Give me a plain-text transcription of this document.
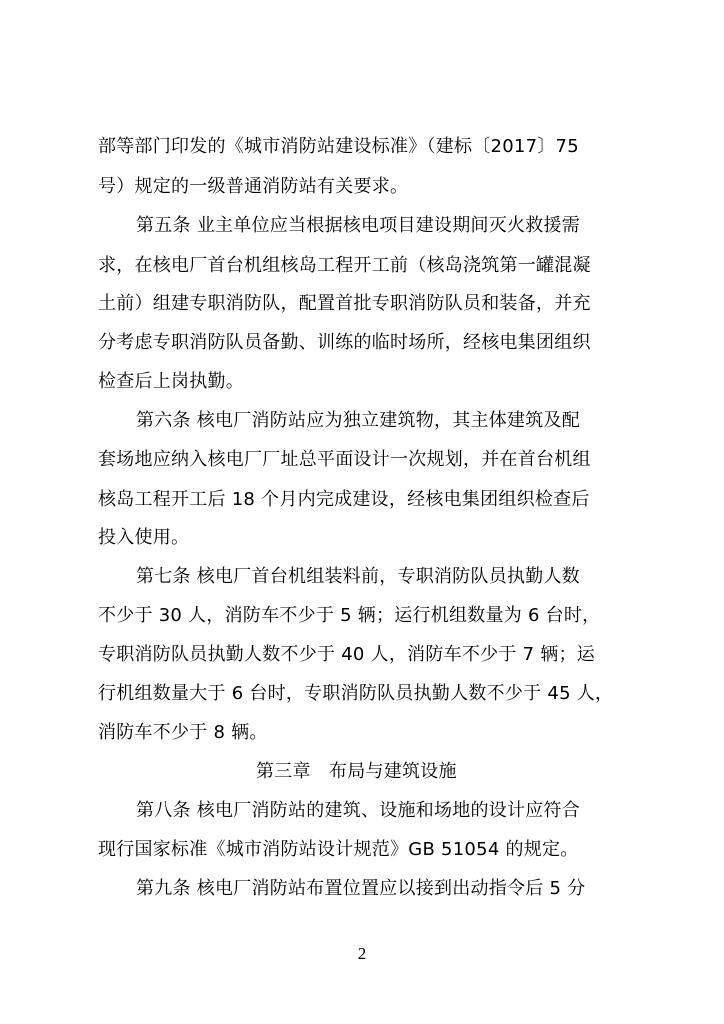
部等部门印发的《城市消防站建设标准》（建标〔2017〕75
号）规定的一级普通消防站有关要求。
第五条 业主单位应当根据核电项目建设期间灭火救援需
求，在核电厂首台机组核岛工程开工前（核岛浇筑第一罐混凝
土前）组建专职消防队，配置首批专职消防队员和装备，并充
分考虑专职消防队员备勤、训练的临时场所，经核电集团组织
检查后上岗执勤。
第六条 核电厂消防站应为独立建筑物，其主体建筑及配
套场地应纳入核电厂厂址总平面设计一次规划，并在首台机组
核岛工程开工后 18 个月内完成建设，经核电集团组织检查后
投入使用。
第七条 核电厂首台机组装料前，专职消防队员执勤人数
不少于 30 人，消防车不少于 5 辆；运行机组数量为 6 台时，
专职消防队员执勤人数不少于 40 人，消防车不少于 7 辆；运
行机组数量大于 6 台时，专职消防队员执勤人数不少于 45 人，
消防车不少于 8 辆。
第三章　布局与建筑设施
第八条 核电厂消防站的建筑、设施和场地的设计应符合
现行国家标准《城市消防站设计规范》GB 51054 的规定。
第九条 核电厂消防站布置位置应以接到出动指令后 5 分
2
